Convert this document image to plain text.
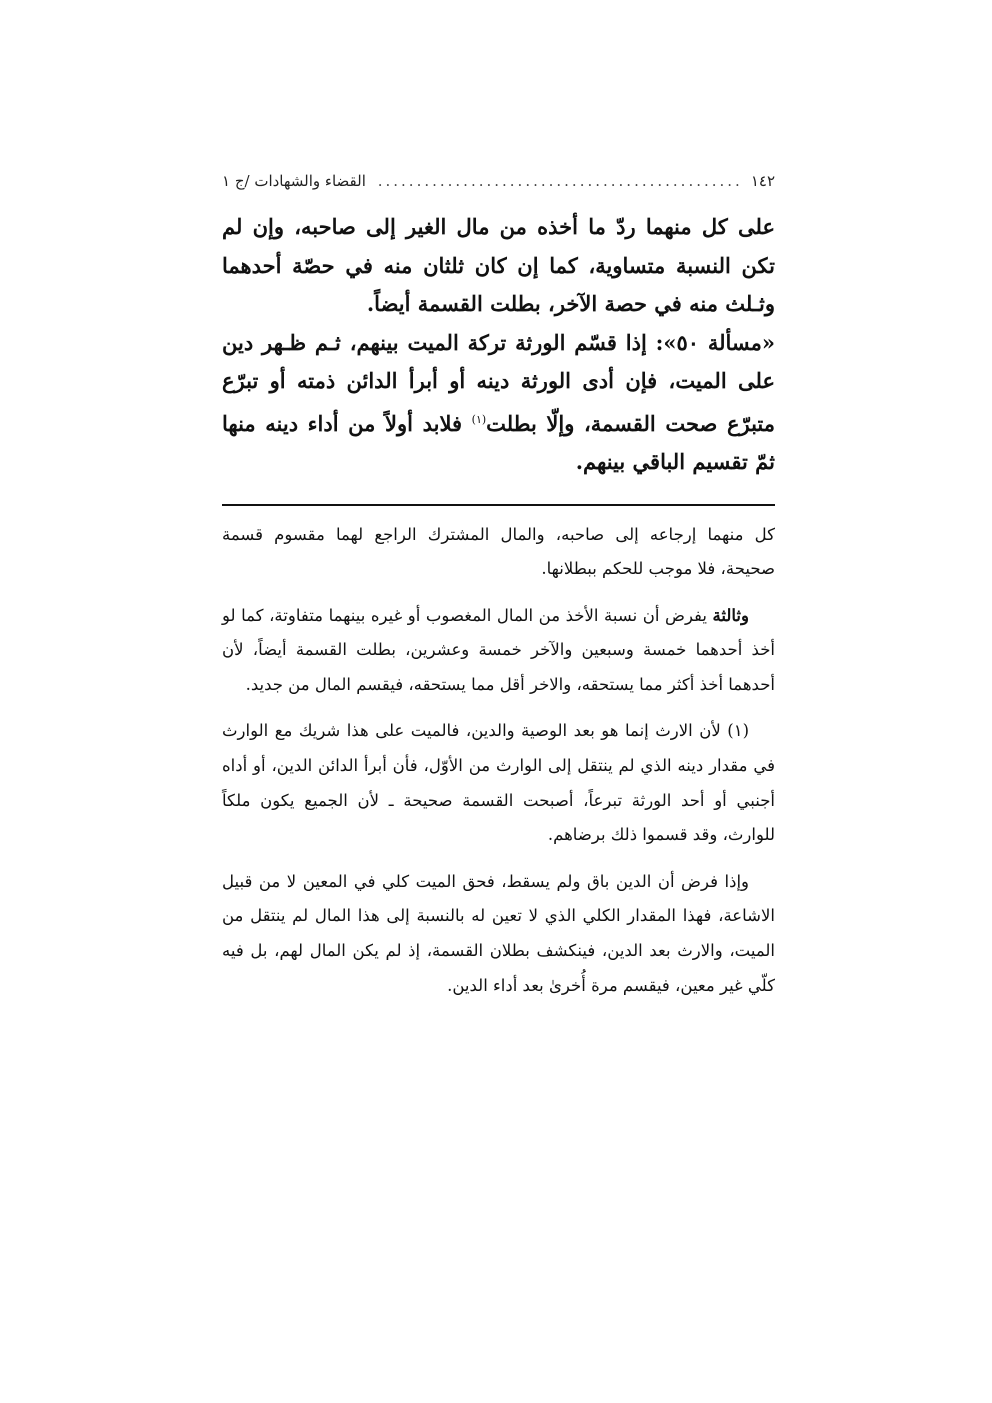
١٤٢
.....
القضاء والشهادات /ج ١

على كل منهما ردّ ما أخذه من مال الغير إلى صاحبه، وإن لم تكن النسبة متساوية، كما إن كان ثلثان منه في حصّة أحدهما وثـلث منه في حصة الآخر، بطلت القسمة أيضاً.

«مسألة ٥٠»: إذا قسّم الورثة تركة الميت بينهم، ثـم ظـهر دين على الميت، فإن أدى الورثة دينه أو أبرأ الدائن ذمته أو تبرّع متبرّع صحت القسمة، وإلّا بطلت$^{(١)}$ فلابد أولاً من أداء دينه منها ثمّ تقسيم الباقي بينهم.

كل منهما إرجاعه إلى صاحبه، والمال المشترك الراجع لهما مقسوم قسمة صحيحة، فلا موجب للحكم ببطلانها.

وثالثة يفرض أن نسبة الأخذ من المال المغصوب أو غيره بينهما متفاوتة، كما لو أخذ أحدهما خمسة وسبعين والآخر خمسة وعشرين، بطلت القسمة أيضاً، لأن أحدهما أخذ أكثر مما يستحقه، والاخر أقل مما يستحقه، فيقسم المال من جديد.

(١) لأن الارث إنما هو بعد الوصية والدين، فالميت على هذا شريك مع الوارث في مقدار دينه الذي لم ينتقل إلى الوارث من الأوّل، فأن أبرأ الدائن الدين، أو أداه أجنبي أو أحد الورثة تبرعاً، أصبحت القسمة صحيحة ـ لأن الجميع يكون ملكاً للوارث، وقد قسموا ذلك برضاهم.

وإذا فرض أن الدين باق ولم يسقط، فحق الميت كلي في المعين لا من قبيل الاشاعة، فهذا المقدار الكلي الذي لا تعين له بالنسبة إلى هذا المال لم ينتقل من الميت، والارث بعد الدين، فينكشف بطلان القسمة، إذ لم يكن المال لهم، بل فيه كلّي غير معين، فيقسم مرة أُخرىٰ بعد أداء الدين.
